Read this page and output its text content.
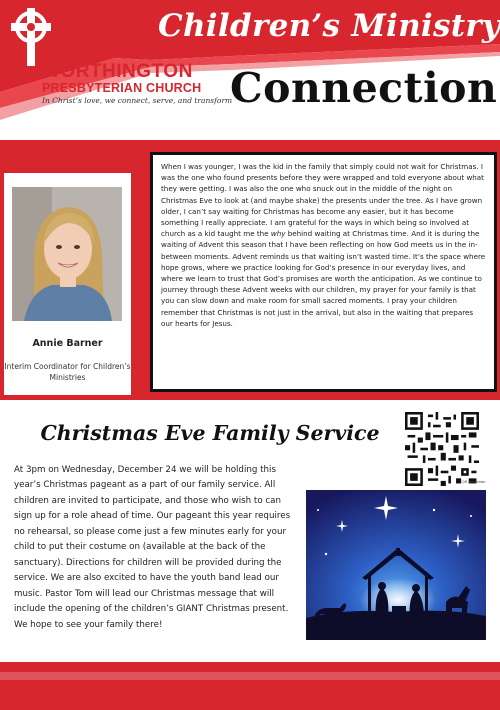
WORTHINGTON
PRESBYTERIAN CHURCH
In Christ’s love, we connect, serve, and transform
Children’s Ministry
Connection
Annie Barner
Interim Coordinator for Children’s Ministries

When I was younger, I was the kid in the family that simply could not wait for Christmas. I was the one who found presents before they were wrapped and told everyone about what they were getting. I was also the one who snuck out in the middle of the night on Christmas Eve to look at (and maybe shake) the presents under the tree. As I have grown older, I can’t say waiting for Christmas has become any easier, but it has become something I really appreciate. I am grateful for the ways in which being so involved at church as a kid taught me the why behind waiting at Christmas time. And it is during the waiting of Advent this season that I have been reflecting on how God meets us in the in-between moments. Advent reminds us that waiting isn’t wasted time. It’s the space where hope grows, where we practice looking for God’s presence in our everyday lives, and where we learn to trust that God’s promises are worth the anticipation. As we continue to journey through these Advent weeks with our children, my prayer for your family is that you can slow down and make room for small sacred moments. I pray your children remember that Christmas is not just in the arrival, but also in the waiting that prepares our hearts for Jesus.

Christmas Eve Family Service
QR generator
At 3pm on Wednesday, December 24 we will be holding this year’s Christmas pageant as a part of our family service. All children are invited to participate, and those who wish to can sign up for a role ahead of time. Our pageant this year requires no rehearsal, so please come just a few minutes early for your child to put their costume on (available at the back of the sanctuary). Directions for children will be provided during the service. We are also excited to have the youth band lead our music. Pastor Tom will lead our Christmas message that will include the opening of the children’s GIANT Christmas present. We hope to see your family there!
